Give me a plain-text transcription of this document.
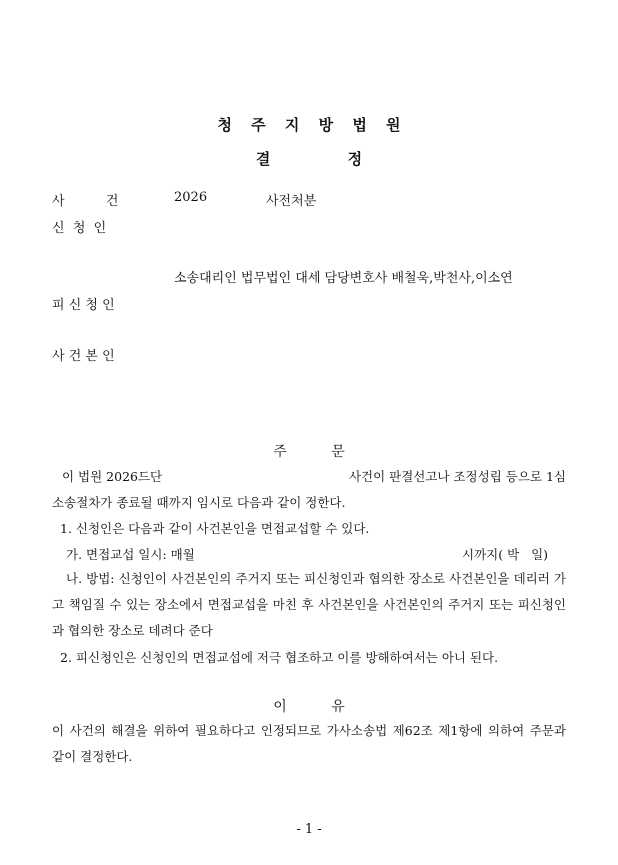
청 주 지 방 법 원
결 정
사          건	2026	사전처분
신  청  인
소송대리인 법무법인 대세 담당변호사 배철욱,박천사,이소연
피 신 청 인
사 건 본 인
주 문
이 법원 2026드단	사건이 판결선고나 조정성립 등으로 1심
소송절차가 종료될 때까지 임시로 다음과 같이 정한다.
1. 신청인은 다음과 같이 사건본인을 면접교섭할 수 있다.
가. 면접교섭 일시: 매월	시까지( 박   일)
나. 방법: 신청인이 사건본인의 주거지 또는 피신청인과 협의한 장소로 사건본인을 데리러 가고 책임질 수 있는 장소에서 면접교섭을 마친 후 사건본인을 사건본인의 주거지 또는 피신청인과 협의한 장소로 데려다 준다
2. 피신청인은 신청인의 면접교섭에 저극 협조하고 이를 방해하여서는 아니 된다.
이 유
이 사건의 해결을 위하여 필요하다고 인정되므로 가사소송법 제62조 제1항에 의하여 주문과 같이 결정한다.
- 1 -
